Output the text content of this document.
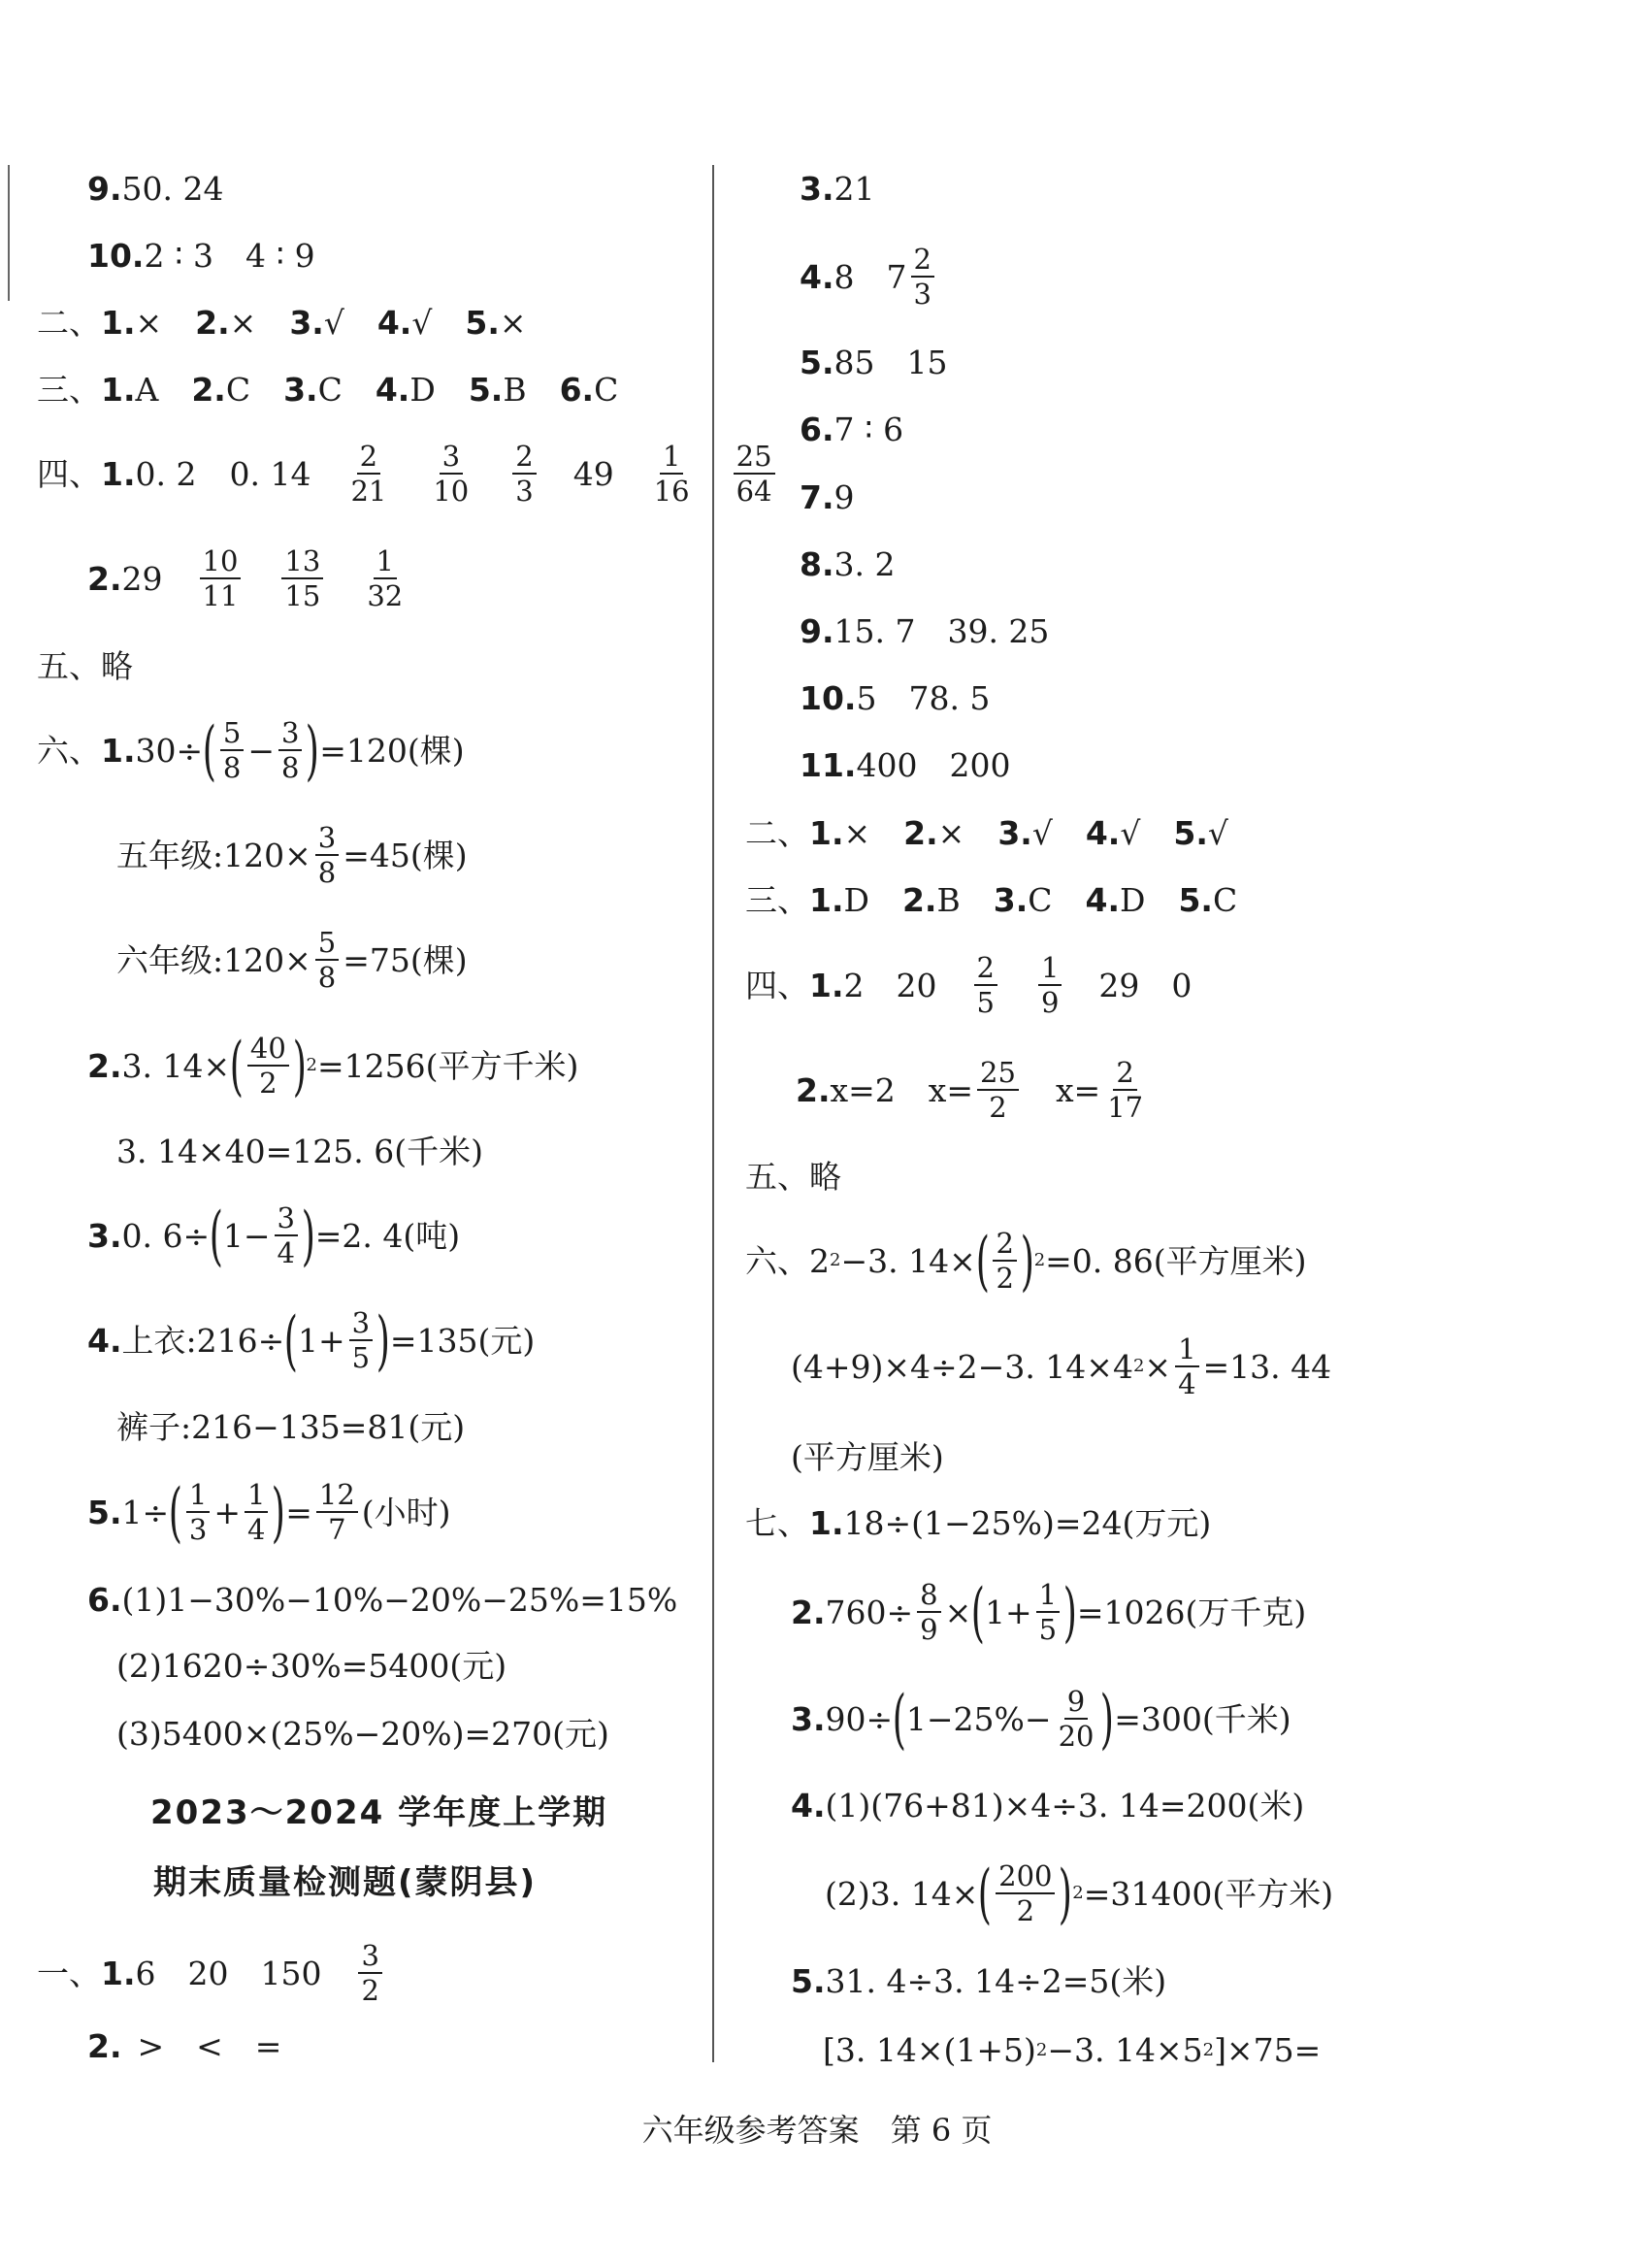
9. 50. 24
10. 2 ∶ 3　4 ∶ 9
二、 1. × 2. × 3. √ 4. √ 5. ×
三、 1. A 2. C 3. C 4. D 5. B 6. C
四、 1. 0. 2 0. $14 \frac{2}{21} \frac{3}{10} \frac{2}{3} 49 \frac{1}{16} \frac{25}{64}$
2. $29 \frac{10}{11} \frac{13}{15} \frac{1}{32}$
五、略
六、 1. 30÷ ( $\frac{5}{8} - \frac{3}{8}$ ) =120(棵)
五年级:120× $\frac{3}{8} =45$(棵)
六年级:120× $\frac{5}{8} =75$(棵)
2. 3. 14× ( $\frac{40}{2}$ ) 2 =1256(平方千米)
3. 14×40=125. 6(千米)
3. 0. 6÷ ( $1- \frac{3}{4}$ ) =2. 4(吨)
4. 上衣:216÷ ( $1+ \frac{3}{5}$ ) =135(元)
裤子:216−135=81(元)
5. 1÷ ( $\frac{1}{3} + \frac{1}{4}$ ) = $\frac{12}{7}$ (小时)
6. (1)1−30%−10%−20%−25%=15%
(2)1620÷30%=5400(元)
(3)5400×(25%−20%)=270(元)
2023～2024 学年度上学期
期末质量检测题(蒙阴县)
一、 1. 6　20　$150 \frac{3}{2}$
2. >　<　=
3. 21
4. 8　$7 \frac{2}{3}$
5. 85　15
6. 7 ∶ 6
7. 9
8. 3. 2
9. 15. 7　39. 25
10. 5　78. 5
11. 400　200
二、 1. × 2. × 3. √ 4. √ 5. √
三、 1. D 2. B 3. C 4. D 5. C
四、 1. 2　$20 \frac{2}{5} \frac{1}{9} 29$　0
2. x=2 $x= \frac{25}{2} x= \frac{2}{17}$
五、略
六、 2 2 −3. 14× ( $\frac{2}{2}$ ) 2 =0. 86(平方厘米)
(4+9)×4÷2−3. 14×4 $2 \times \frac{1}{4} =13$. 44
(平方厘米)
七、 1. 18÷(1−25%)=24(万元)
2. $760\div \frac{8}{9}$ × ( $1+ \frac{1}{5}$ ) =1026(万千克)
3. 90÷ ( $1-25\%- \frac{9}{20}$ ) =300(千米)
4. (1)(76+81)×4÷3. 14=200(米)
(2)3. 14× ( $\frac{200}{2}$ ) 2 =31400(平方米)
5. 31. 4÷3. 14÷2=5(米)
[3. 14×(1+5) 2 −3. 14×5 2 ]×75=
六年级参考答案　第 6 页
